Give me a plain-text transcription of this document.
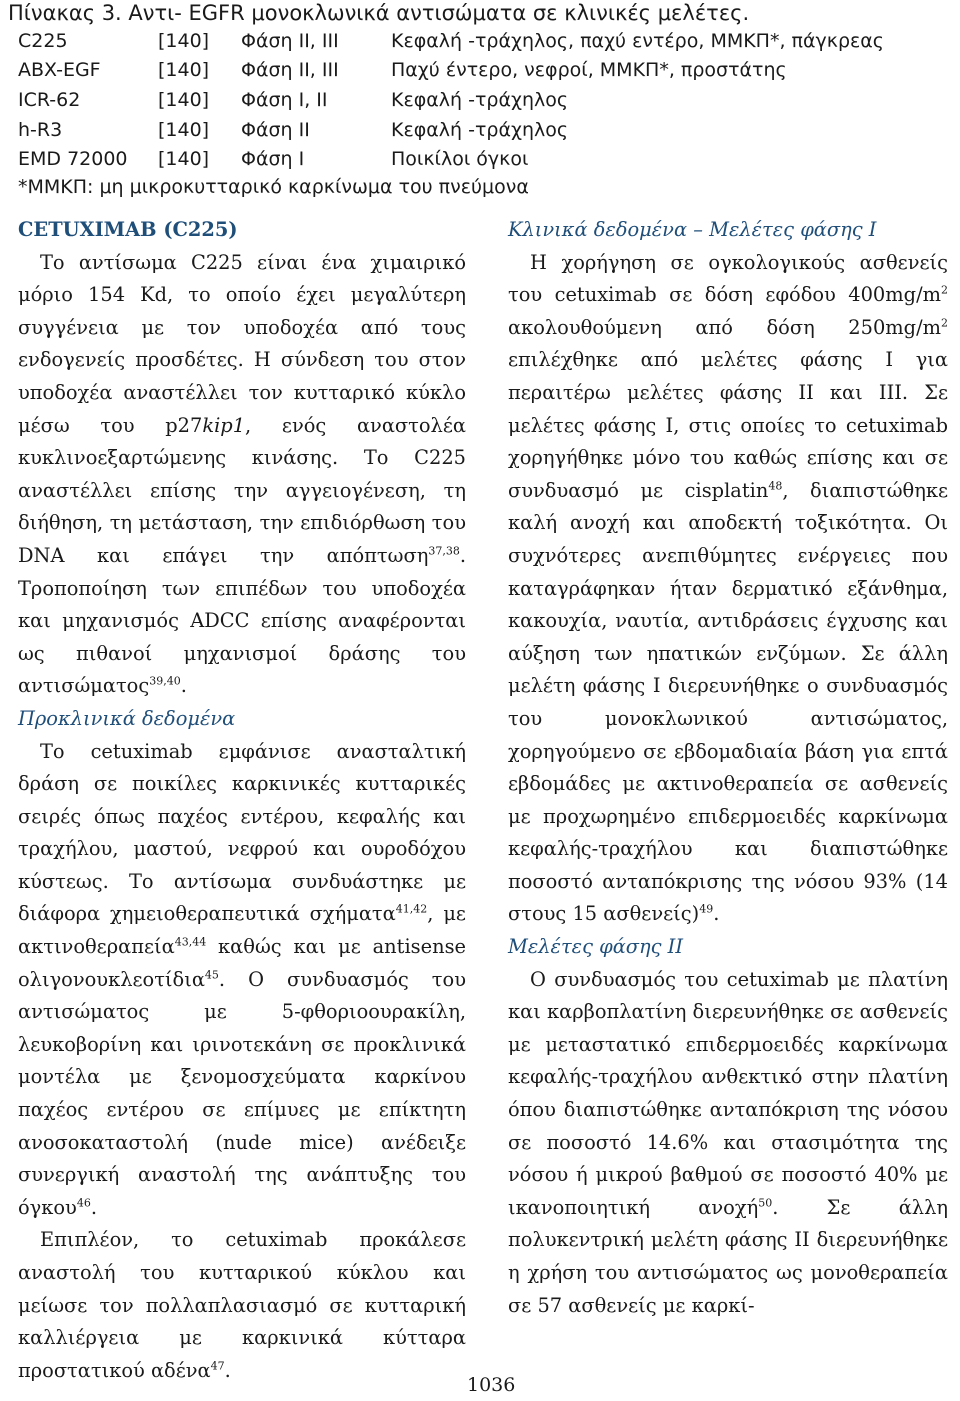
Πίνακας 3. Αντι- EGFR μονοκλωνικά αντισώματα σε κλινικές μελέτες.
C225	[140]	Φάση ΙΙ, ΙΙΙ	Κεφαλή -τράχηλος, παχύ εντέρο, ΜΜΚΠ*, πάγκρεας
ABX-EGF	[140]	Φάση ΙΙ, ΙΙΙ	Παχύ έντερο, νεφροί, ΜΜΚΠ*, προστάτης
ICR-62	[140]	Φάση Ι, ΙΙ	Κεφαλή -τράχηλος
h-R3	[140]	Φάση ΙΙ	Κεφαλή -τράχηλος
EMD 72000	[140]	Φάση Ι	Ποικίλοι όγκοι
*ΜΜΚΠ: μη μικροκυτταρικό καρκίνωμα του πνεύμονα
CETUXIMAB (C225)

Το αντίσωμα C225 είναι ένα χιμαιρικό μόριο 154 Kd, το οποίο έχει μεγαλύτερη συγγένεια με τον υποδοχέα από τους ενδογενείς προσδέτες. Η σύνδεση του στον υποδοχέα αναστέλλει τον κυτταρικό κύκλο μέσω του p27kip1, ενός αναστολέα κυκλινοεξαρτώμενης κινάσης. Το C225 αναστέλλει επίσης την αγγειογένεση, τη διήθηση, τη μετάσταση, την επιδιόρθωση του DNA και επάγει την απόπτωση$^{37,38}$. Τροποποίηση των επιπέδων του υποδοχέα και μηχανισμός ADCC επίσης αναφέρονται ως πιθανοί μηχανισμοί δράσης του αντισώματος$^{39,40}$.

Προκλινικά δεδομένα

Το cetuximab εμφάνισε ανασταλτική δράση σε ποικίλες καρκινικές κυτταρικές σειρές όπως παχέος εντέρου, κεφαλής και τραχήλου, μαστού, νεφρού και ουροδόχου κύστεως. Το αντίσωμα συνδυάστηκε με διάφορα χημειοθεραπευτικά σχήματα$^{41,42}$, με ακτινοθεραπεία$^{43,44}$ καθώς και με antisense ολιγονουκλεοτίδια$^{45}$. Ο συνδυασμός του αντισώματος με 5-φθοριοουρακίλη, λευκοβορίνη και ιρινοτεκάνη σε προκλινικά μοντέλα με ξενομοσχεύματα καρκίνου παχέος εντέρου σε επίμυες με επίκτητη ανοσοκαταστολή (nude mice) ανέδειξε συνεργική αναστολή της ανάπτυξης του όγκου$^{46}$.

Επιπλέον, το cetuximab προκάλεσε αναστολή του κυτταρικού κύκλου και μείωσε τον πολλαπλασιασμό σε κυτταρική καλλιέργεια με καρκινικά κύτταρα προστατικού αδένα$^{47}$.

Κλινικά δεδομένα – Μελέτες φάσης Ι

Η χορήγηση σε ογκολογικούς ασθενείς του cetuximab σε δόση εφόδου $400mg/m^2$ ακολουθούμενη από δόση $250mg/m^2$ επιλέχθηκε από μελέτες φάσης Ι για περαιτέρω μελέτες φάσης ΙΙ και ΙΙΙ. Σε μελέτες φάσης Ι, στις οποίες το cetuximab χορηγήθηκε μόνο του καθώς επίσης και σε συνδυασμό με cisplatin$^{48}$, διαπιστώθηκε καλή ανοχή και αποδεκτή τοξικότητα. Οι συχνότερες ανεπιθύμητες ενέργειες που καταγράφηκαν ήταν δερματικό εξάνθημα, κακουχία, ναυτία, αντιδράσεις έγχυσης και αύξηση των ηπατικών ενζύμων. Σε άλλη μελέτη φάσης Ι διερευνήθηκε ο συνδυασμός του μονοκλωνικού αντισώματος, χορηγούμενο σε εβδομαδιαία βάση για επτά εβδομάδες με ακτινοθεραπεία σε ασθενείς με προχωρημένο επιδερμοειδές καρκίνωμα κεφαλής-τραχήλου και διαπιστώθηκε ποσοστό ανταπόκρισης της νόσου 93% (14 στους 15 ασθενείς)$^{49}$.

Μελέτες φάσης ΙΙ

Ο συνδυασμός του cetuximab με πλατίνη και καρβοπλατίνη διερευνήθηκε σε ασθενείς με μεταστατικό επιδερμοειδές καρκίνωμα κεφαλής-τραχήλου ανθεκτικό στην πλατίνη όπου διαπιστώθηκε ανταπόκριση της νόσου σε ποσοστό 14.6% και στασιμότητα της νόσου ή μικρού βαθμού σε ποσοστό 40% με ικανοποιητική ανοχή$^{50}$. Σε άλλη πολυκεντρική μελέτη φάσης ΙΙ διερευνήθηκε η χρήση του αντισώματος ως μονοθεραπεία σε 57 ασθενείς με καρκί-

1036
